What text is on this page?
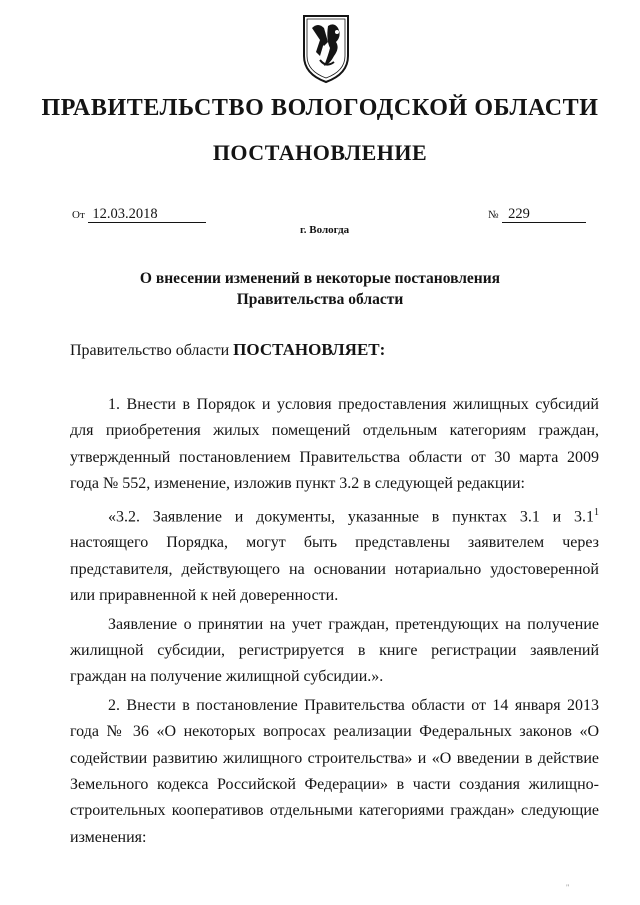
ПРАВИТЕЛЬСТВО ВОЛОГОДСКОЙ ОБЛАСТИ
ПОСТАНОВЛЕНИЕ
От 12.03.2018	№ 229
г. Вологда
О внесении изменений в некоторые постановления
Правительства области
Правительство области ПОСТАНОВЛЯЕТ:

1. Внести в Порядок и условия предоставления жилищных субсидий для приобретения жилых помещений отдельным категориям граждан, утвержденный постановлением Правительства области от 30 марта 2009 года № 552, изменение, изложив пункт 3.2 в следующей редакции:

«3.2. Заявление и документы, указанные в пунктах 3.1 и $3.1^1$ настоящего Порядка, могут быть представлены заявителем через представителя, действующего на основании нотариально удостоверенной или приравненной к ней доверенности.

Заявление о принятии на учет граждан, претендующих на получение жилищной субсидии, регистрируется в книге регистрации заявлений граждан на получение жилищной субсидии.».

2. Внести в постановление Правительства области от 14 января 2013 года № 36 «О некоторых вопросах реализации Федеральных законов «О содействии развитию жилищного строительства» и «О введении в действие Земельного кодекса Российской Федерации» в части создания жилищно-строительных кооперативов отдельными категориями граждан» следующие изменения:

"
